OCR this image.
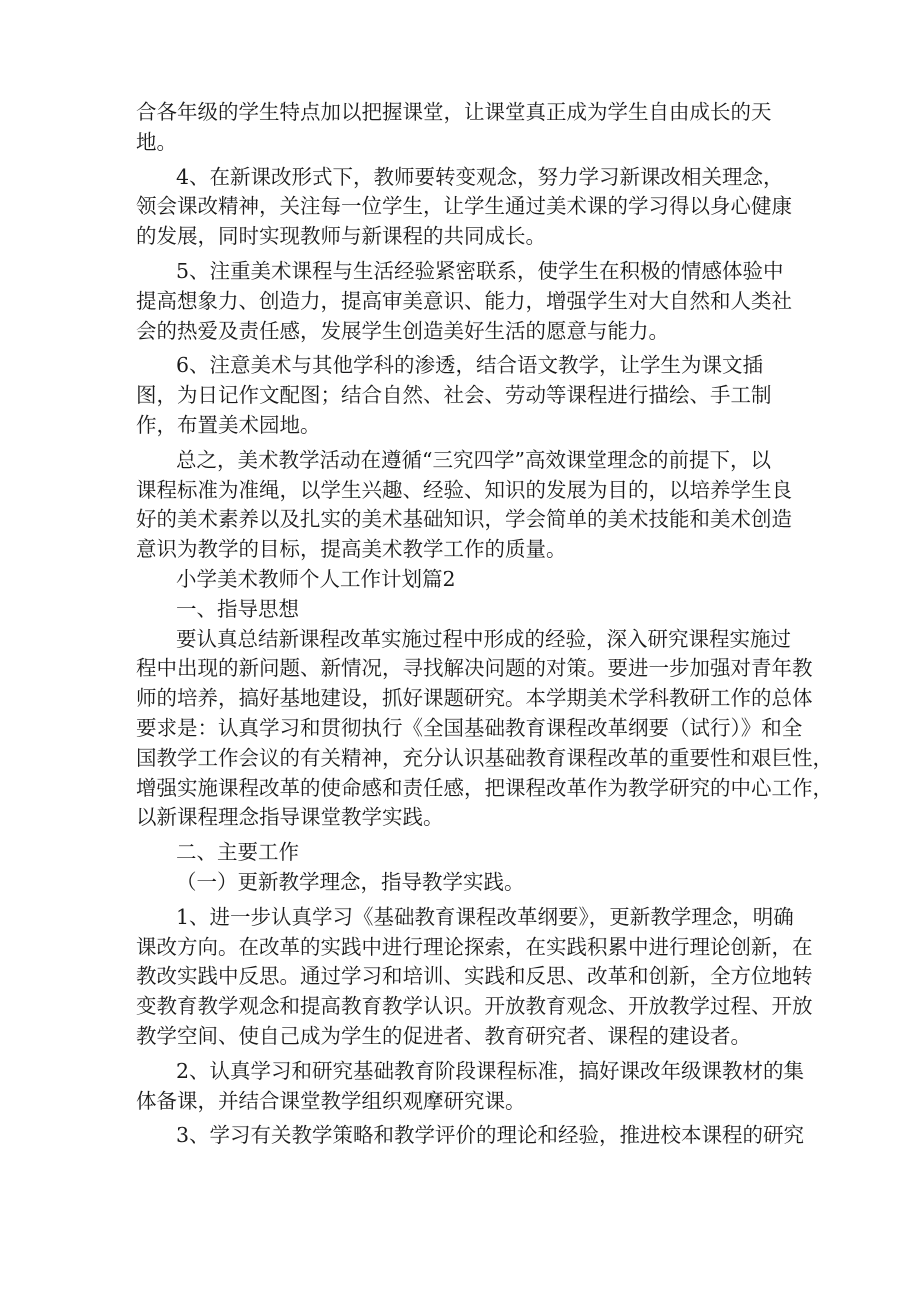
合各年级的学生特点加以把握课堂，让课堂真正成为学生自由成长的天
地。
4、在新课改形式下，教师要转变观念，努力学习新课改相关理念，
领会课改精神，关注每一位学生，让学生通过美术课的学习得以身心健康
的发展，同时实现教师与新课程的共同成长。
5、注重美术课程与生活经验紧密联系，使学生在积极的情感体验中
提高想象力、创造力，提高审美意识、能力，增强学生对大自然和人类社
会的热爱及责任感，发展学生创造美好生活的愿意与能力。
6、注意美术与其他学科的渗透，结合语文教学，让学生为课文插
图，为日记作文配图；结合自然、社会、劳动等课程进行描绘、手工制
作，布置美术园地。
总之，美术教学活动在遵循“三究四学”高效课堂理念的前提下，以
课程标准为准绳，以学生兴趣、经验、知识的发展为目的，以培养学生良
好的美术素养以及扎实的美术基础知识，学会简单的美术技能和美术创造
意识为教学的目标，提高美术教学工作的质量。
小学美术教师个人工作计划篇2
一、指导思想
要认真总结新课程改革实施过程中形成的经验，深入研究课程实施过
程中出现的新问题、新情况，寻找解决问题的对策。要进一步加强对青年教
师的培养，搞好基地建设，抓好课题研究。本学期美术学科教研工作的总体
要求是：认真学习和贯彻执行《全国基础教育课程改革纲要（试行）》和全
国教学工作会议的有关精神，充分认识基础教育课程改革的重要性和艰巨性，
增强实施课程改革的使命感和责任感，把课程改革作为教学研究的中心工作，
以新课程理念指导课堂教学实践。
二、主要工作
（一）更新教学理念，指导教学实践。
1、进一步认真学习《基础教育课程改革纲要》，更新教学理念，明确
课改方向。在改革的实践中进行理论探索，在实践积累中进行理论创新，在
教改实践中反思。通过学习和培训、实践和反思、改革和创新，全方位地转
变教育教学观念和提高教育教学认识。开放教育观念、开放教学过程、开放
教学空间、使自己成为学生的促进者、教育研究者、课程的建设者。
2、认真学习和研究基础教育阶段课程标准，搞好课改年级课教材的集
体备课，并结合课堂教学组织观摩研究课。
3、学习有关教学策略和教学评价的理论和经验，推进校本课程的研究
